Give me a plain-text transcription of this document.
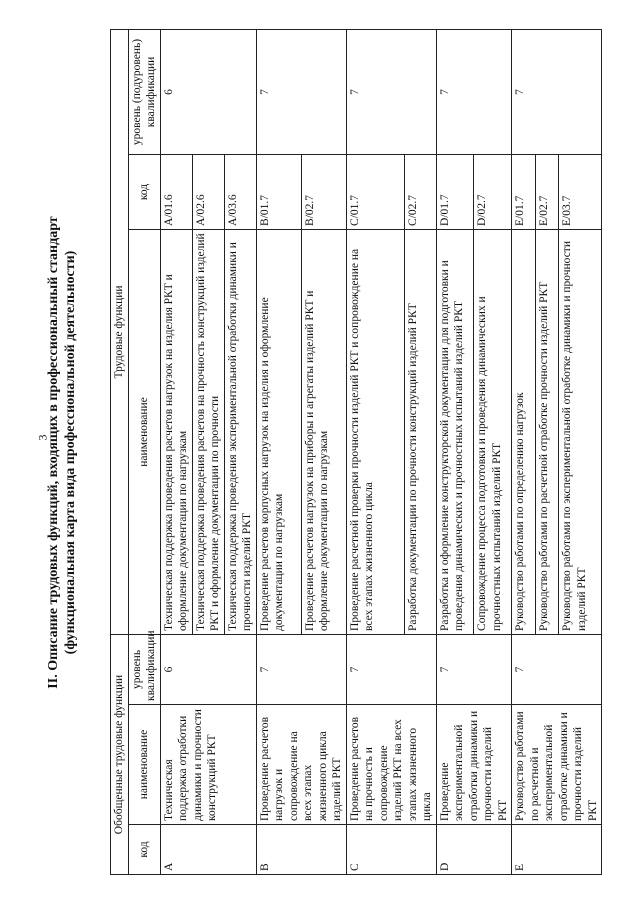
3
II. Описание трудовых функций, входящих в профессиональный стандарт (функциональная карта вида профессиональной деятельности)
Обобщенные трудовые функции			Трудовые функции		
код	наименование	уровень квалификации	наименование	код	уровень (подуровень) квалификации
A	Техническая поддержка отработки динамики и прочности конструкций РКТ	6	Техническая поддержка проведения расчетов нагрузок на изделия РКТ и оформление документации по нагрузкам	A/01.6	6
			Техническая поддержка проведения расчетов на прочность конструкций изделий РКТ и оформление документации по прочности	A/02.6	
			Техническая поддержка проведения экспериментальной отработки динамики и прочности изделий РКТ	A/03.6	
B	Проведение расчетов нагрузок и сопровождение на всех этапах жизненного цикла изделий РКТ	7	Проведение расчетов корпусных нагрузок на изделия и оформление документации по нагрузкам	B/01.7	7
			Проведение расчетов нагрузок на приборы и агрегаты изделий РКТ и оформление документации по нагрузкам	B/02.7	
C	Проведение расчетов на прочность и сопровождение изделий РКТ на всех этапах жизненного цикла	7	Проведение расчетной проверки прочности изделий РКТ и сопровождение на всех этапах жизненного цикла	C/01.7	7
			Разработка документации по прочности конструкций изделий РКТ	C/02.7	
D	Проведение экспериментальной отработки динамики и прочности изделий РКТ	7	Разработка и оформление конструкторской документации для подготовки и проведения динамических и прочностных испытаний изделий РКТ	D/01.7	7
			Сопровождение процесса подготовки и проведения динамических и прочностных испытаний изделий РКТ	D/02.7	
E	Руководство работами по расчетной и экспериментальной отработке динамики и прочности изделий РКТ	7	Руководство работами по определению нагрузок	E/01.7	7
			Руководство работами по расчетной отработке прочности изделий РКТ	E/02.7	
			Руководство работами по экспериментальной отработке динамики и прочности изделий РКТ	E/03.7	
